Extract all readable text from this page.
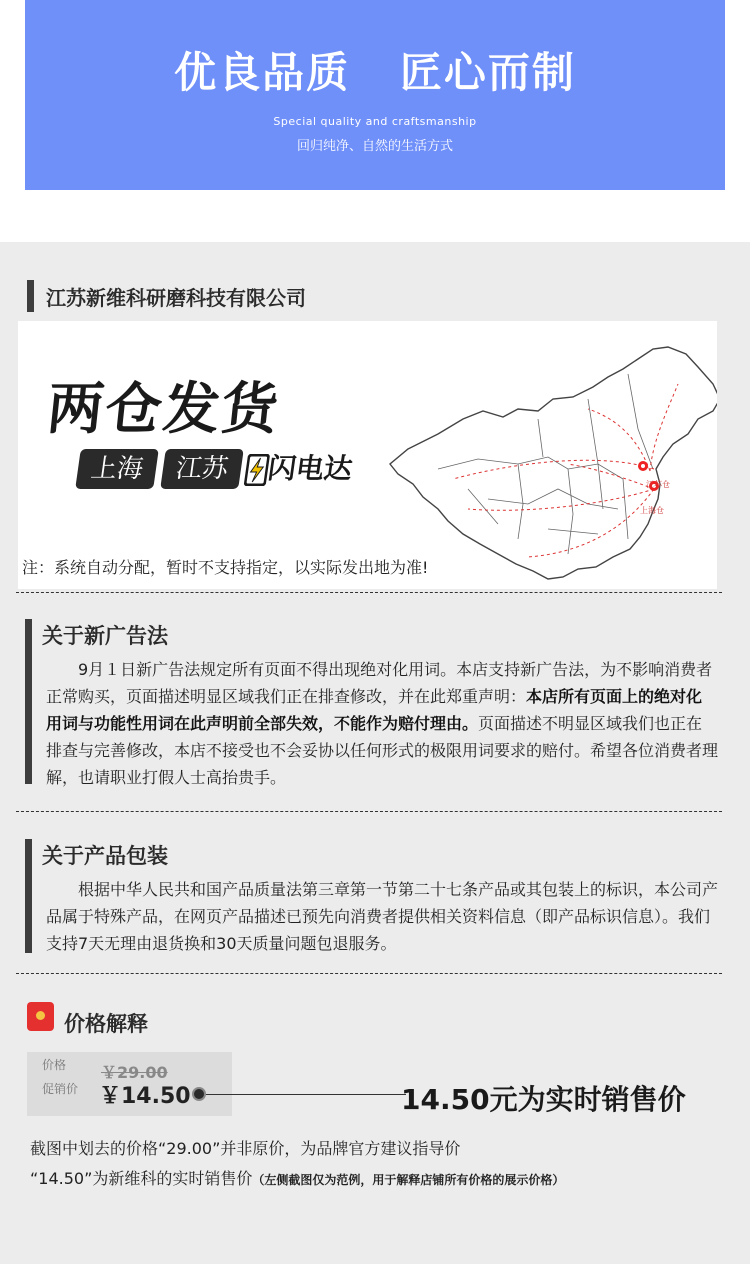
优良品质   匠心而制
Special quality and craftsmanship
回归纯净、自然的生活方式
江苏新维科研磨科技有限公司
两仓发货
上海	江苏	闪电达	江苏仓
上海仓
注：系统自动分配，暂时不支持指定，以实际发出地为准!
关于新广告法
9月１日新广告法规定所有页面不得出现绝对化用词。本店支持新广告法，为不影响消费者正常购买，页面描述明显区域我们正在排查修改，并在此郑重声明：本店所有页面上的绝对化用词与功能性用词在此声明前全部失效，不能作为赔付理由。页面描述不明显区域我们也正在排查与完善修改，本店不接受也不会妥协以任何形式的极限用词要求的赔付。希望各位消费者理解，也请职业打假人士高抬贵手。
关于产品包装
根据中华人民共和国产品质量法第三章第一节第二十七条产品或其包装上的标识，本公司产品属于特殊产品，在网页产品描述已预先向消费者提供相关资料信息（即产品标识信息）。我们支持7天无理由退货换和30天质量问题包退服务。
价格解释
价格 ￥29.00
促销价 ￥14.50	14.50元为实时销售价
截图中划去的价格“29.00”并非原价，为品牌官方建议指导价
“14.50”为新维科的实时销售价（左侧截图仅为范例，用于解释店铺所有价格的展示价格）
